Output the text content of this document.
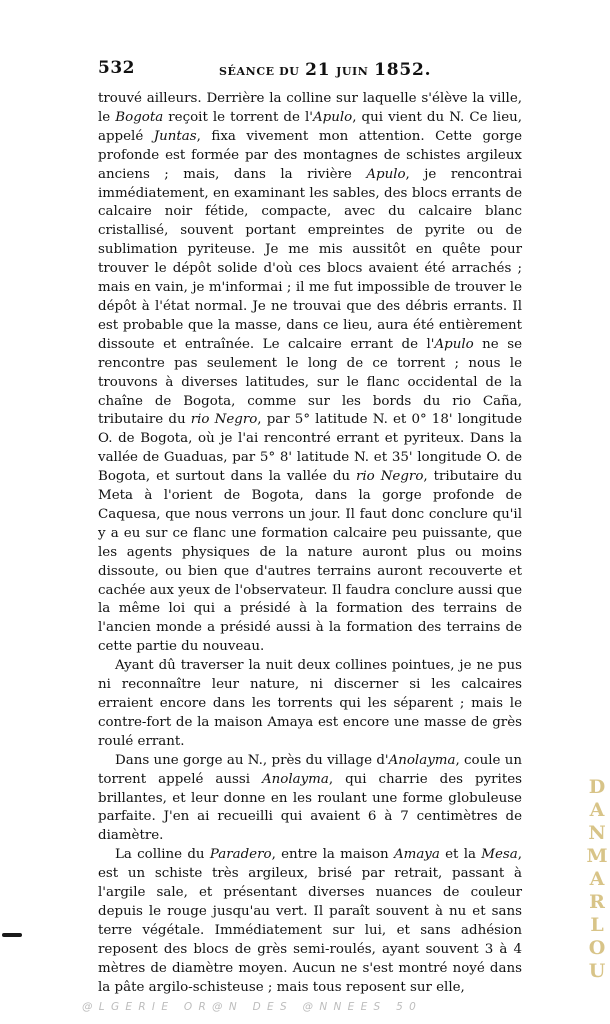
532	SÉANCE DU 21 JUIN 1852.

trouvé ailleurs. Derrière la colline sur laquelle s'élève la ville, le Bogota reçoit le torrent de l'Apulo, qui vient du N. Ce lieu, appelé Juntas, fixa vivement mon attention. Cette gorge profonde est formée par des montagnes de schistes argileux anciens ; mais, dans la rivière Apulo, je rencontrai immédiatement, en examinant les sables, des blocs errants de calcaire noir fétide, compacte, avec du calcaire blanc cristallisé, souvent portant empreintes de pyrite ou de sublimation pyriteuse. Je me mis aussitôt en quête pour trouver le dépôt solide d'où ces blocs avaient été arrachés ; mais en vain, je m'informai ; il me fut impossible de trouver le dépôt à l'état normal. Je ne trouvai que des débris errants. Il est probable que la masse, dans ce lieu, aura été entièrement dissoute et entraînée. Le calcaire errant de l'Apulo ne se rencontre pas seulement le long de ce torrent ; nous le trouvons à diverses latitudes, sur le flanc occidental de la chaîne de Bogota, comme sur les bords du rio Caña, tributaire du rio Negro, par 5° latitude N. et 0° 18' longitude O. de Bogota, où je l'ai rencontré errant et pyriteux. Dans la vallée de Guaduas, par 5° 8' latitude N. et 35' longitude O. de Bogota, et surtout dans la vallée du rio Negro, tributaire du Meta à l'orient de Bogota, dans la gorge profonde de Caquesa, que nous verrons un jour. Il faut donc conclure qu'il y a eu sur ce flanc une formation calcaire peu puissante, que les agents physiques de la nature auront plus ou moins dissoute, ou bien que d'autres terrains auront recouverte et cachée aux yeux de l'observateur. Il faudra conclure aussi que la même loi qui a présidé à la formation des terrains de l'ancien monde a présidé aussi à la formation des terrains de cette partie du nouveau.

Ayant dû traverser la nuit deux collines pointues, je ne pus ni reconnaître leur nature, ni discerner si les calcaires erraient encore dans les torrents qui les séparent ; mais le contre-fort de la maison Amaya est encore une masse de grès roulé errant.

Dans une gorge au N., près du village d'Anolayma, coule un torrent appelé aussi Anolayma, qui charrie des pyrites brillantes, et leur donne en les roulant une forme globuleuse parfaite. J'en ai recueilli qui avaient 6 à 7 centimètres de diamètre.

La colline du Paradero, entre la maison Amaya et la Mesa, est un schiste très argileux, brisé par retrait, passant à l'argile sale, et présentant diverses nuances de couleur depuis le rouge jusqu'au vert. Il paraît souvent à nu et sans terre végétale. Immédiatement sur lui, et sans adhésion reposent des blocs de grès semi-roulés, ayant souvent 3 à 4 mètres de diamètre moyen. Aucun ne s'est montré noyé dans la pâte argilo-schisteuse ; mais tous reposent sur elle,

DANMARLOU
@LGERIE OR@N DES @NNEES 50
